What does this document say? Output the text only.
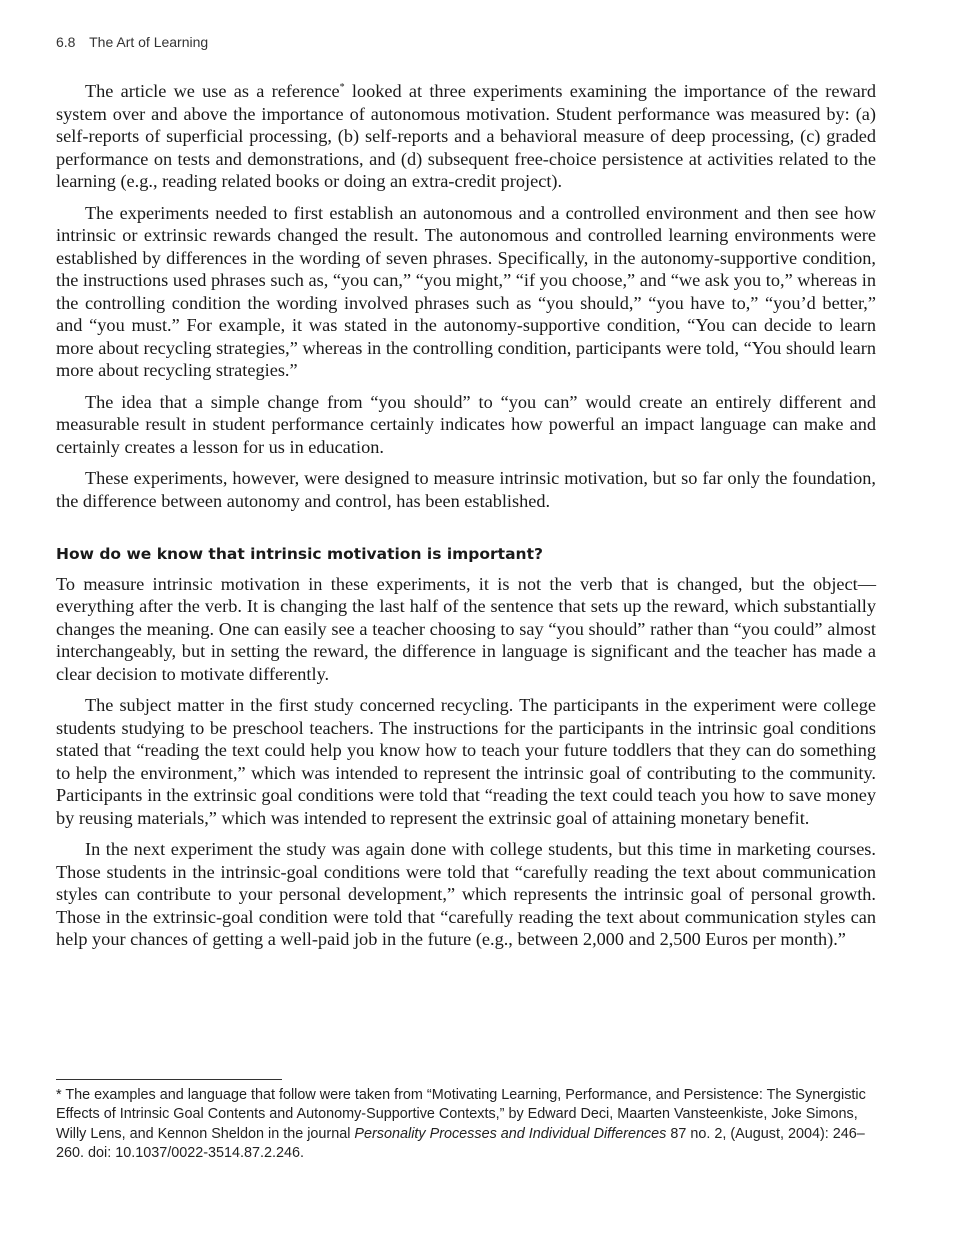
6.8 The Art of Learning

The article we use as a reference* looked at three experiments examining the importance of the reward system over and above the importance of autonomous motivation. Student performance was measured by: (a) self-reports of superficial processing, (b) self-reports and a behavioral measure of deep processing, (c) graded performance on tests and demonstrations, and (d) subsequent free-choice persistence at activities related to the learning (e.g., reading related books or doing an extra-credit project).

The experiments needed to first establish an autonomous and a controlled environment and then see how intrinsic or extrinsic rewards changed the result. The autonomous and controlled learning environments were established by differences in the wording of seven phrases. Specifically, in the autonomy-supportive condition, the instructions used phrases such as, “you can,” “you might,” “if you choose,” and “we ask you to,” whereas in the controlling condition the wording involved phrases such as “you should,” “you have to,” “you’d better,” and “you must.” For example, it was stated in the autonomy-supportive condition, “You can decide to learn more about recycling strategies,” whereas in the controlling condition, participants were told, “You should learn more about recycling strategies.”

The idea that a simple change from “you should” to “you can” would create an entirely different and measurable result in student performance certainly indicates how powerful an impact language can make and certainly creates a lesson for us in education.

These experiments, however, were designed to measure intrinsic motivation, but so far only the foundation, the difference between autonomy and control, has been established.

How do we know that intrinsic motivation is important?

To measure intrinsic motivation in these experiments, it is not the verb that is changed, but the object—everything after the verb. It is changing the last half of the sentence that sets up the reward, which substantially changes the meaning. One can easily see a teacher choosing to say “you should” rather than “you could” almost interchangeably, but in setting the reward, the difference in language is significant and the teacher has made a clear decision to motivate differently.

The subject matter in the first study concerned recycling. The participants in the experiment were college students studying to be preschool teachers. The instructions for the participants in the intrinsic goal conditions stated that “reading the text could help you know how to teach your future toddlers that they can do something to help the environment,” which was intended to represent the intrinsic goal of contributing to the community. Participants in the extrinsic goal conditions were told that “reading the text could teach you how to save money by reusing materials,” which was intended to represent the extrinsic goal of attaining monetary benefit.

In the next experiment the study was again done with college students, but this time in marketing courses. Those students in the intrinsic-goal conditions were told that “carefully reading the text about communication styles can contribute to your personal development,” which represents the intrinsic goal of personal growth. Those in the extrinsic-goal condition were told that “carefully reading the text about communication styles can help your chances of getting a well-paid job in the future (e.g., between 2,000 and 2,500 Euros per month).”

* The examples and language that follow were taken from “Motivating Learning, Performance, and Persistence: The Synergistic Effects of Intrinsic Goal Contents and Autonomy-Supportive Contexts,” by Edward Deci, Maarten Vansteenkiste, Joke Simons, Willy Lens, and Kennon Sheldon in the journal Personality Processes and Individual Differences 87 no. 2, (August, 2004): 246–260. doi: 10.1037/0022-3514.87.2.246.
